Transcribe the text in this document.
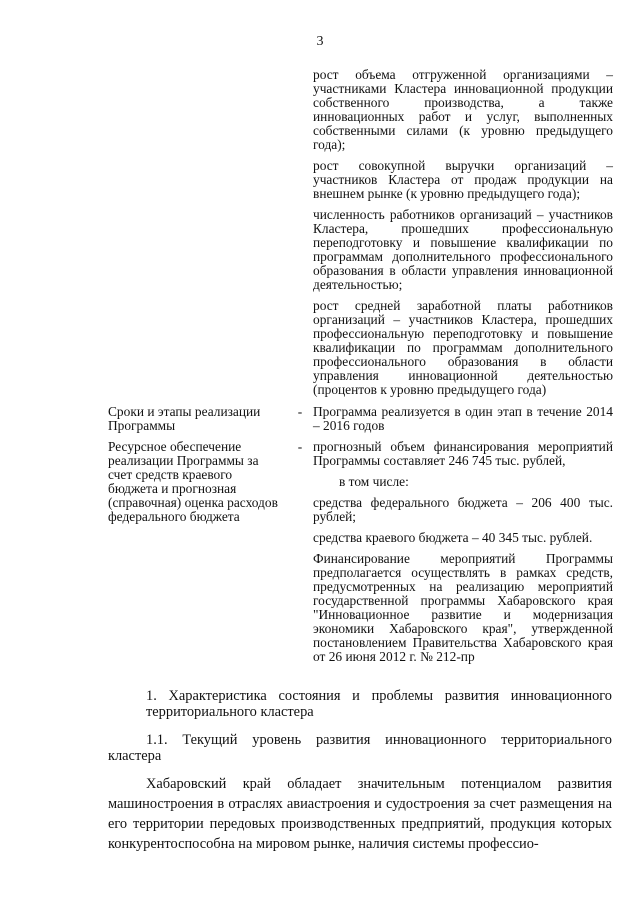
3

рост объема отгруженной организациями – участниками Кластера инновационной продукции собственного производства, а также инновационных работ и услуг, выполненных собственными силами (к уровню предыдущего года);

рост совокупной выручки организаций – участников Кластера от продаж продукции на внешнем рынке (к уровню предыдущего года);

численность работников организаций – участников Кластера, прошедших профессиональную переподготовку и повышение квалификации по программам дополнительного профессионального образования в области управления инновационной деятельностью;

рост средней заработной платы работников организаций – участников Кластера, прошедших профессиональную переподготовку и повышение квалификации по программам дополнительного профессионального образования в области управления инновационной деятельностью (процентов к уровню предыдущего года)

Сроки и этапы реализации Программы
- Программа реализуется в один этап в течение 2014 – 2016 годов
Ресурсное обеспечение реализации Программы за счет средств краевого бюджета и прогнозная (справочная) оценка расходов федерального бюджета
- прогнозный объем финансирования мероприятий Программы составляет 246 745 тыс. рублей,

в том числе:

средства федерального бюджета – 206 400 тыс. рублей;

средства краевого бюджета – 40 345 тыс. рублей.

Финансирование мероприятий Программы предполагается осуществлять в рамках средств, предусмотренных на реализацию мероприятий государственной программы Хабаровского края "Инновационное развитие и модернизация экономики Хабаровского края", утвержденной постановлением Правительства Хабаровского края от 26 июня 2012 г. № 212-пр

1. Характеристика состояния и проблемы развития инновационного территориального кластера
1.1. Текущий уровень развития инновационного территориального кластера
Хабаровский край обладает значительным потенциалом развития машиностроения в отраслях авиастроения и судостроения за счет размещения на его территории передовых производственных предприятий, продукция которых конкурентоспособна на мировом рынке, наличия системы профессио-
